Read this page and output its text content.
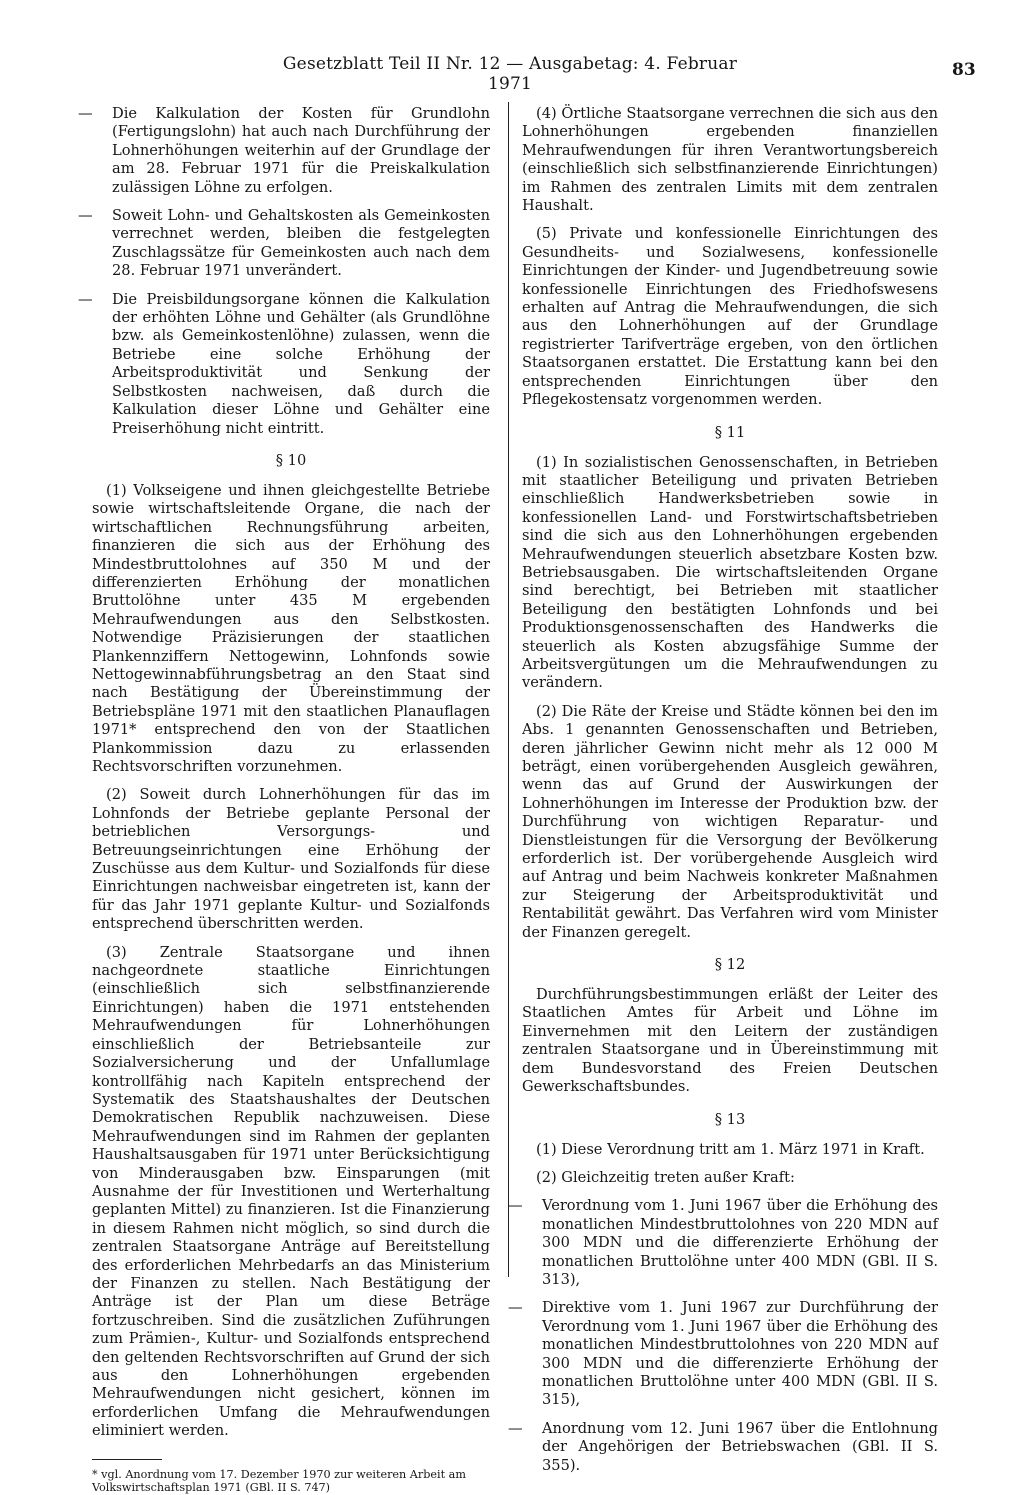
Gesetzblatt Teil II Nr. 12 — Ausgabetag: 4. Februar 1971
83
— Die Kalkulation der Kosten für Grundlohn (Fertigungslohn) hat auch nach Durchführung der Lohnerhöhungen weiterhin auf der Grundlage der am 28. Februar 1971 für die Preiskalkulation zulässigen Löhne zu erfolgen.
— Soweit Lohn- und Gehaltskosten als Gemeinkosten verrechnet werden, bleiben die festgelegten Zuschlagssätze für Gemeinkosten auch nach dem 28. Februar 1971 unverändert.
— Die Preisbildungsorgane können die Kalkulation der erhöhten Löhne und Gehälter (als Grundlöhne bzw. als Gemeinkostenlöhne) zulassen, wenn die Betriebe eine solche Erhöhung der Arbeitsproduktivität und Senkung der Selbstkosten nachweisen, daß durch die Kalkulation dieser Löhne und Gehälter eine Preiserhöhung nicht eintritt.
§ 10

(1) Volkseigene und ihnen gleichgestellte Betriebe sowie wirtschaftsleitende Organe, die nach der wirtschaftlichen Rechnungsführung arbeiten, finanzieren die sich aus der Erhöhung des Mindestbruttolohnes auf 350 M und der differenzierten Erhöhung der monatlichen Bruttolöhne unter 435 M ergebenden Mehraufwendungen aus den Selbstkosten. Notwendige Präzisierungen der staatlichen Plankennziffern Nettogewinn, Lohnfonds sowie Nettogewinnabführungsbetrag an den Staat sind nach Bestätigung der Übereinstimmung der Betriebspläne 1971 mit den staatlichen Planauflagen 1971* entsprechend den von der Staatlichen Plankommission dazu zu erlassenden Rechtsvorschriften vorzunehmen.

(2) Soweit durch Lohnerhöhungen für das im Lohnfonds der Betriebe geplante Personal der betrieblichen Versorgungs- und Betreuungseinrichtungen eine Erhöhung der Zuschüsse aus dem Kultur- und Sozialfonds für diese Einrichtungen nachweisbar eingetreten ist, kann der für das Jahr 1971 geplante Kultur- und Sozialfonds entsprechend überschritten werden.

(3) Zentrale Staatsorgane und ihnen nachgeordnete staatliche Einrichtungen (einschließlich sich selbstfinanzierende Einrichtungen) haben die 1971 entstehenden Mehraufwendungen für Lohnerhöhungen einschließlich der Betriebsanteile zur Sozialversicherung und der Unfallumlage kontrollfähig nach Kapiteln entsprechend der Systematik des Staatshaushaltes der Deutschen Demokratischen Republik nachzuweisen. Diese Mehraufwendungen sind im Rahmen der geplanten Haushaltsausgaben für 1971 unter Berücksichtigung von Minderausgaben bzw. Einsparungen (mit Ausnahme der für Investitionen und Werterhaltung geplanten Mittel) zu finanzieren. Ist die Finanzierung in diesem Rahmen nicht möglich, so sind durch die zentralen Staatsorgane Anträge auf Bereitstellung des erforderlichen Mehrbedarfs an das Ministerium der Finanzen zu stellen. Nach Bestätigung der Anträge ist der Plan um diese Beträge fortzuschreiben. Sind die zusätzlichen Zuführungen zum Prämien-, Kultur- und Sozialfonds entsprechend den geltenden Rechtsvorschriften auf Grund der sich aus den Lohnerhöhungen ergebenden Mehraufwendungen nicht gesichert, können im erforderlichen Umfang die Mehraufwendungen eliminiert werden.

* vgl. Anordnung vom 17. Dezember 1970 zur weiteren Arbeit am Volkswirtschaftsplan 1971 (GBl. II S. 747)

(4) Örtliche Staatsorgane verrechnen die sich aus den Lohnerhöhungen ergebenden finanziellen Mehraufwendungen für ihren Verantwortungsbereich (einschließlich sich selbstfinanzierende Einrichtungen) im Rahmen des zentralen Limits mit dem zentralen Haushalt.

(5) Private und konfessionelle Einrichtungen des Gesundheits- und Sozialwesens, konfessionelle Einrichtungen der Kinder- und Jugendbetreuung sowie konfessionelle Einrichtungen des Friedhofswesens erhalten auf Antrag die Mehraufwendungen, die sich aus den Lohnerhöhungen auf der Grundlage registrierter Tarifverträge ergeben, von den örtlichen Staatsorganen erstattet. Die Erstattung kann bei den entsprechenden Einrichtungen über den Pflegekostensatz vorgenommen werden.

§ 11

(1) In sozialistischen Genossenschaften, in Betrieben mit staatlicher Beteiligung und privaten Betrieben einschließlich Handwerksbetrieben sowie in konfessionellen Land- und Forstwirtschaftsbetrieben sind die sich aus den Lohnerhöhungen ergebenden Mehraufwendungen steuerlich absetzbare Kosten bzw. Betriebsausgaben. Die wirtschaftsleitenden Organe sind berechtigt, bei Betrieben mit staatlicher Beteiligung den bestätigten Lohnfonds und bei Produktionsgenossenschaften des Handwerks die steuerlich als Kosten abzugsfähige Summe der Arbeitsvergütungen um die Mehraufwendungen zu verändern.

(2) Die Räte der Kreise und Städte können bei den im Abs. 1 genannten Genossenschaften und Betrieben, deren jährlicher Gewinn nicht mehr als 12 000 M beträgt, einen vorübergehenden Ausgleich gewähren, wenn das auf Grund der Auswirkungen der Lohnerhöhungen im Interesse der Produktion bzw. der Durchführung von wichtigen Reparatur- und Dienstleistungen für die Versorgung der Bevölkerung erforderlich ist. Der vorübergehende Ausgleich wird auf Antrag und beim Nachweis konkreter Maßnahmen zur Steigerung der Arbeitsproduktivität und Rentabilität gewährt. Das Verfahren wird vom Minister der Finanzen geregelt.

§ 12

Durchführungsbestimmungen erläßt der Leiter des Staatlichen Amtes für Arbeit und Löhne im Einvernehmen mit den Leitern der zuständigen zentralen Staatsorgane und in Übereinstimmung mit dem Bundesvorstand des Freien Deutschen Gewerkschaftsbundes.

§ 13

(1) Diese Verordnung tritt am 1. März 1971 in Kraft.

(2) Gleichzeitig treten außer Kraft:

— Verordnung vom 1. Juni 1967 über die Erhöhung des monatlichen Mindestbruttolohnes von 220 MDN auf 300 MDN und die differenzierte Erhöhung der monatlichen Bruttolöhne unter 400 MDN (GBl. II S. 313),
— Direktive vom 1. Juni 1967 zur Durchführung der Verordnung vom 1. Juni 1967 über die Erhöhung des monatlichen Mindestbruttolohnes von 220 MDN auf 300 MDN und die differenzierte Erhöhung der monatlichen Bruttolöhne unter 400 MDN (GBl. II S. 315),
— Anordnung vom 12. Juni 1967 über die Entlohnung der Angehörigen der Betriebswachen (GBl. II S. 355).
